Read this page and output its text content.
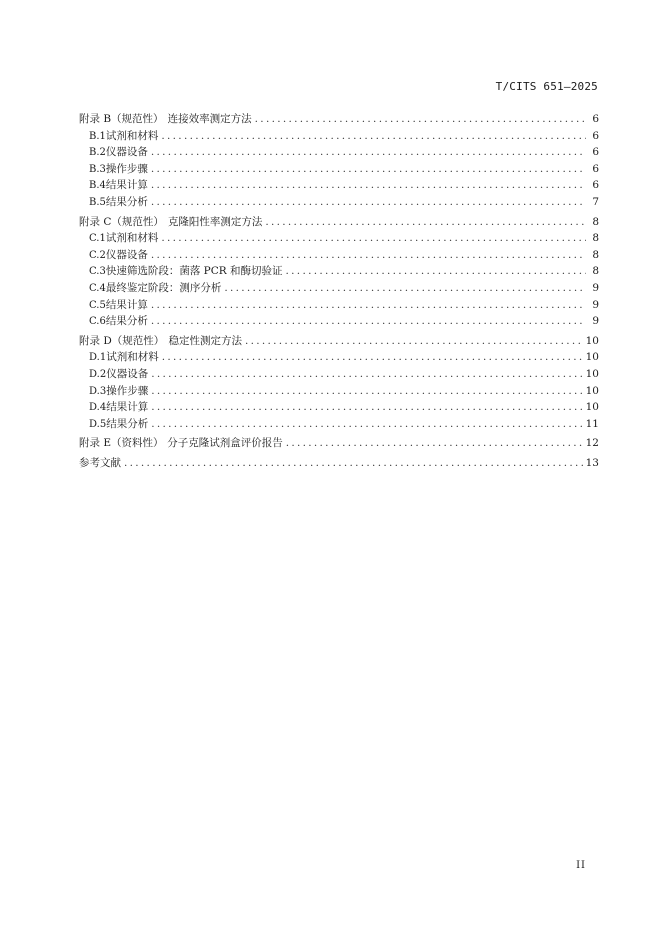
T/CITS 651—2025
附录 B（规范性） 连接效率测定方法 .....	6
B.1 试剂和材料 .....	6
B.2 仪器设备 .....	6
B.3 操作步骤 .....	6
B.4 结果计算 .....	6
B.5 结果分析 .....	7
附录 C（规范性） 克隆阳性率测定方法 .....	8
C.1 试剂和材料 .....	8
C.2 仪器设备 .....	8
C.3 快速筛选阶段：菌落 PCR 和酶切验证 .....	8
C.4 最终鉴定阶段：测序分析 .....	9
C.5 结果计算 .....	9
C.6 结果分析 .....	9
附录 D（规范性） 稳定性测定方法 .....	10
D.1 试剂和材料 .....	10
D.2 仪器设备 .....	10
D.3 操作步骤 .....	10
D.4 结果计算 .....	10
D.5 结果分析 .....	11
附录 E（资料性） 分子克隆试剂盒评价报告 .....	12
参考文献 .....	13
II
